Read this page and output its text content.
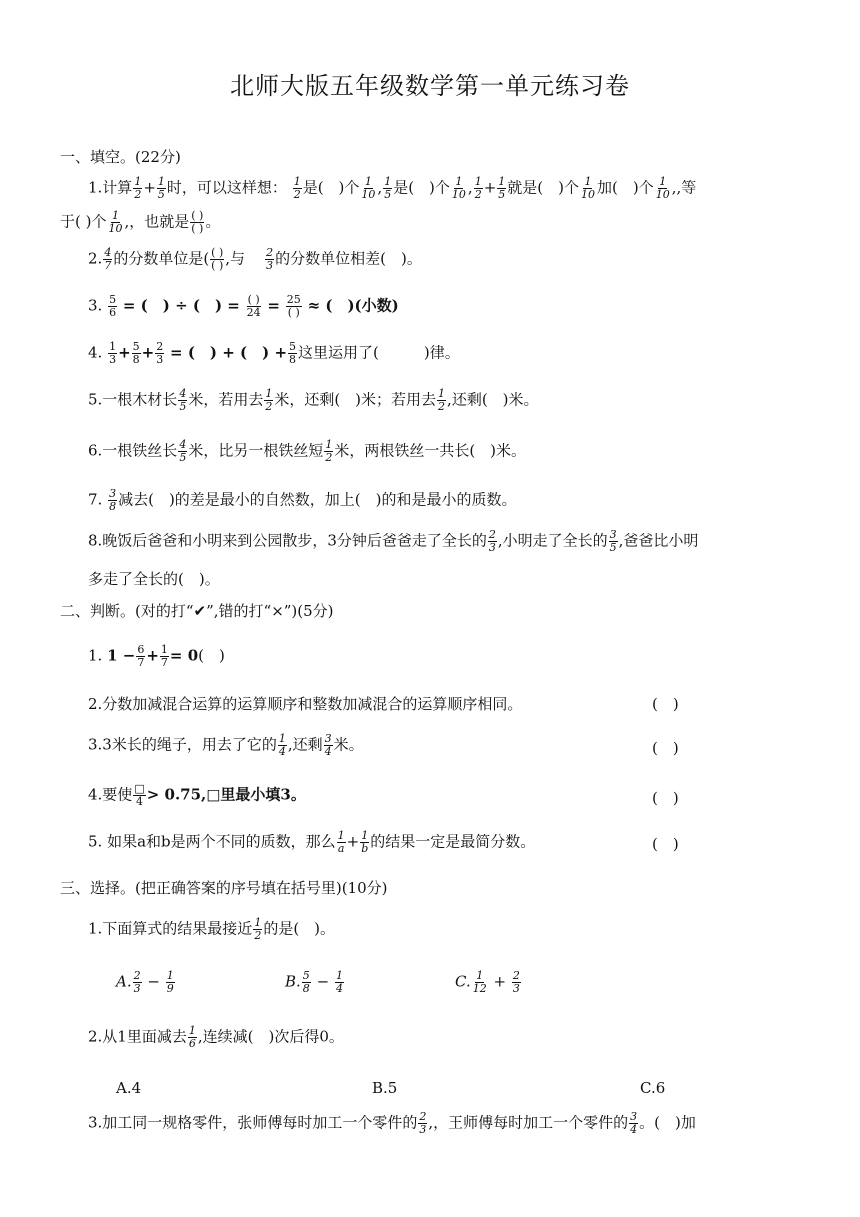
北师大版五年级数学第一单元练习卷
一、填空。(22分)
1.计算 $\frac{1}{2} + \frac{1}{5}$ 时，可以这样想： $\frac{1}{2}$ 是(　)个 $\frac{1}{10}$ , $\frac{1}{5}$ 是(　)个 $\frac{1}{10}$ , $\frac{1}{2} + \frac{1}{5}$ 就是(　)个 $\frac{1}{10}$ 加(　)个 $\frac{1}{10}$ ,,等
于( )个 $\frac{1}{10}$ ,，也就是 $\frac{( )}{( )}$ 。
2. $\frac{4}{7}$ 的分数单位是( $\frac{( )}{( )}$ ,与 $\frac{2}{3}$ 的分数单位相差(　)。
3. $\frac{5}{6}$ = (　) ÷ (　) = $\frac{( )}{24} = \frac{25}{( )}$ ≈ (　)(小数)
4. $\frac{1}{3} + \frac{5}{8} + \frac{2}{3}$ = (　) + (　) + $\frac{5}{8}$ 这里运用了(　　　)律。
5.一根木材长 $\frac{4}{5}$ 米，若用去 $\frac{1}{2}$ 米，还剩(　)米；若用去 $\frac{1}{2}$ ,还剩(　)米。
6.一根铁丝长 $\frac{4}{5}$ 米，比另一根铁丝短 $\frac{1}{2}$ 米，两根铁丝一共长(　)米。
7. $\frac{3}{8}$ 减去(　)的差是最小的自然数，加上(　)的和是最小的质数。
8.晚饭后爸爸和小明来到公园散步，3分钟后爸爸走了全长的 $\frac{2}{3}$ ,小明走了全长的 $\frac{3}{5}$ ,爸爸比小明
多走了全长的(　)。
二、判断。(对的打“✔”,错的打“×”)(5分)
1. $1 - \frac{6}{7} + \frac{1}{7} = 0$(　)
2.分数加减混合运算的运算顺序和整数加减混合的运算顺序相同。	(　)
3.3米长的绳子，用去了它的 $\frac{1}{4}$ ,还剩 $\frac{3}{4}$ 米。	(　)
4.要使 $\frac{□}{4}$ > 0.75,□里最小填3。	(　)
5. 如果a和b是两个不同的质数，那么 $\frac{1}{a} + \frac{1}{b}$ 的结果一定是最简分数。	(　)
三、选择。(把正确答案的序号填在括号里)(10分)
1.下面算式的结果最接近 $\frac{1}{2}$ 的是(　)。
A. $\frac{2}{3} - \frac{1}{9}$	B. $\frac{5}{8} - \frac{1}{4}$	C. $\frac{1}{12} + \frac{2}{3}$
2.从1里面减去 $\frac{1}{6}$ ,连续减(　)次后得0。
A.4	B.5	C.6
3.加工同一规格零件，张师傅每时加工一个零件的 $\frac{2}{3}$ ,，王师傅每时加工一个零件的 $\frac{3}{4}$ 。(　)加
